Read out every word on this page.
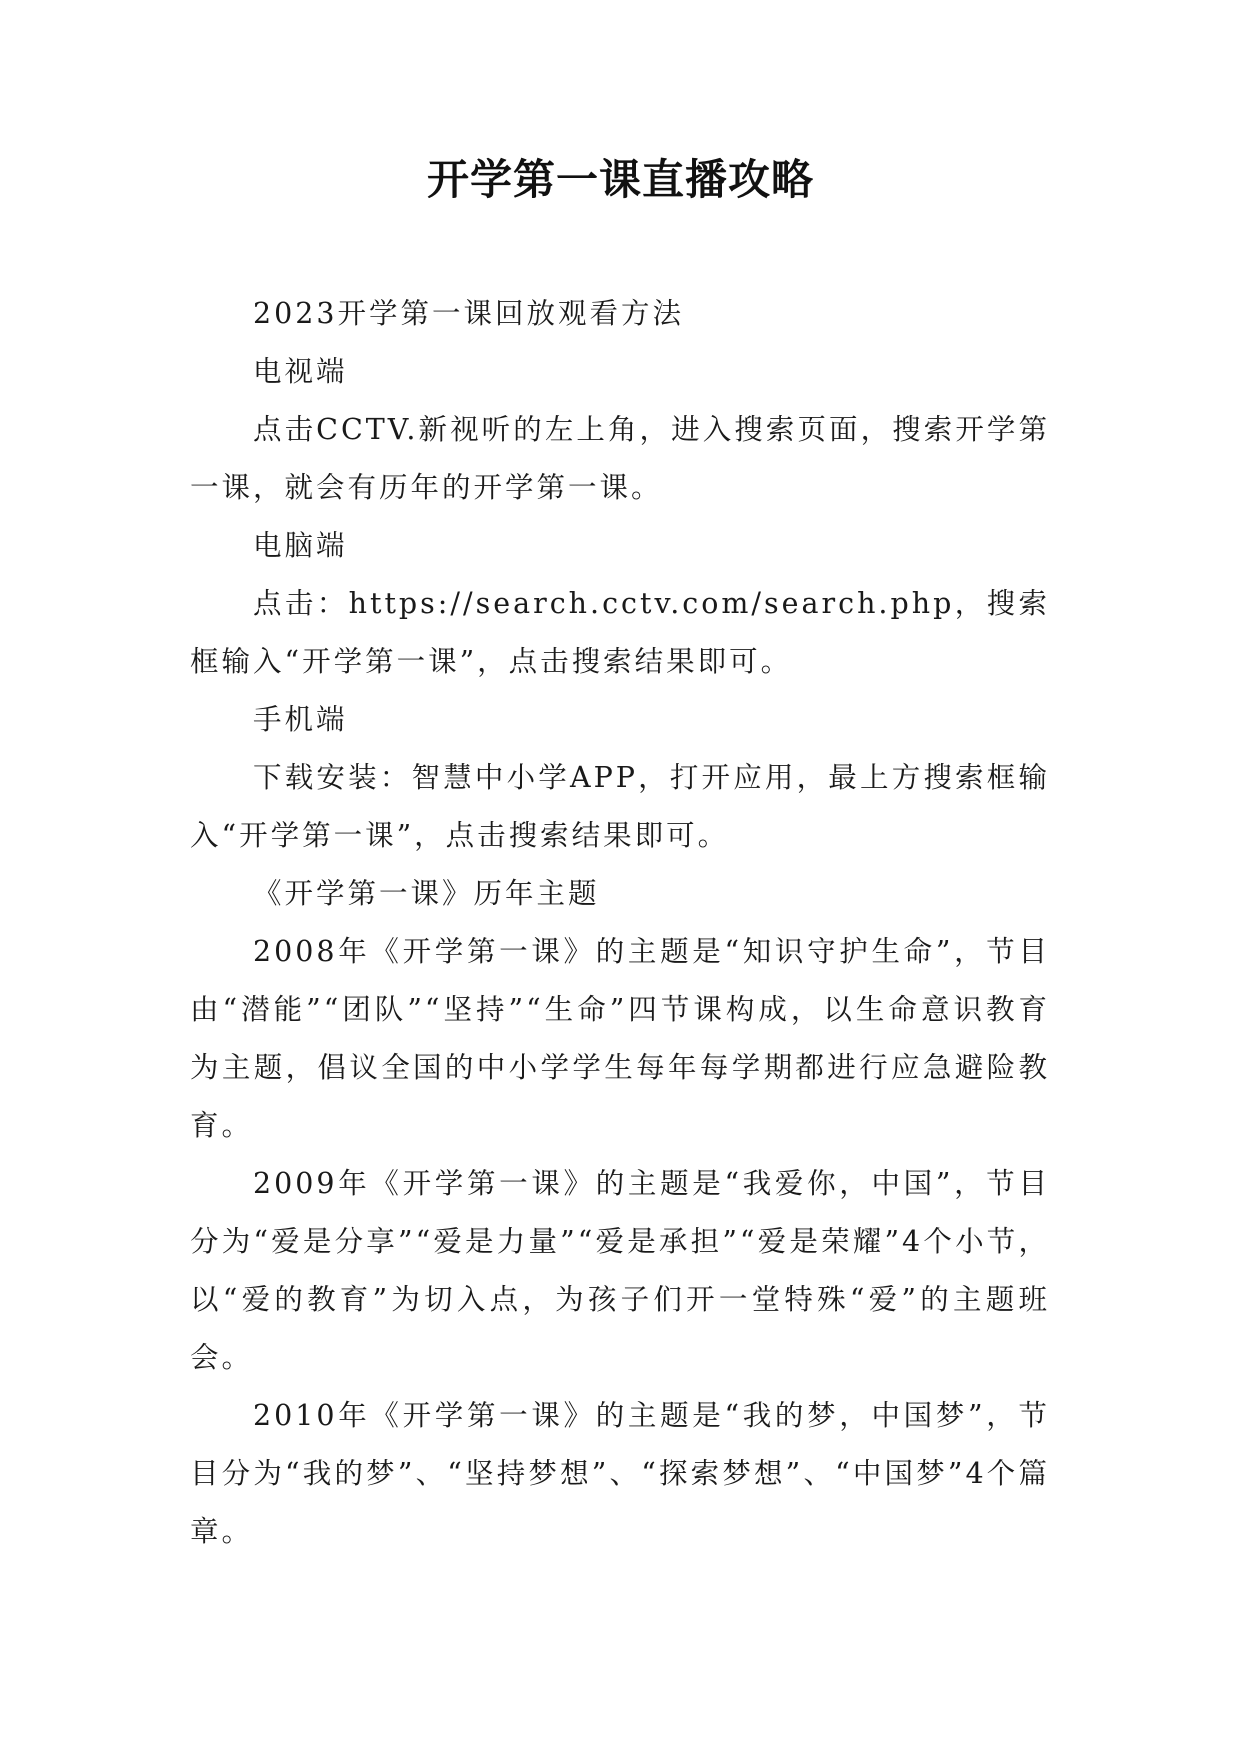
开学第一课直播攻略

2023开学第一课回放观看方法

电视端

点击CCTV.新视听的左上角，进入搜索页面，搜索开学第一课，就会有历年的开学第一课。

电脑端

点击：https://search.cctv.com/search.php，搜索框输入“开学第一课”，点击搜索结果即可。

手机端

下载安装：智慧中小学APP，打开应用，最上方搜索框输入“开学第一课”，点击搜索结果即可。

《开学第一课》历年主题

2008年《开学第一课》的主题是“知识守护生命”，节目由“潜能”“团队”“坚持”“生命”四节课构成，以生命意识教育为主题，倡议全国的中小学学生每年每学期都进行应急避险教育。

2009年《开学第一课》的主题是“我爱你，中国”，节目分为“爱是分享”“爱是力量”“爱是承担”“爱是荣耀”4个小节，以“爱的教育”为切入点，为孩子们开一堂特殊“爱”的主题班会。

2010年《开学第一课》的主题是“我的梦，中国梦”，节目分为“我的梦”、“坚持梦想”、“探索梦想”、“中国梦”4个篇章。
